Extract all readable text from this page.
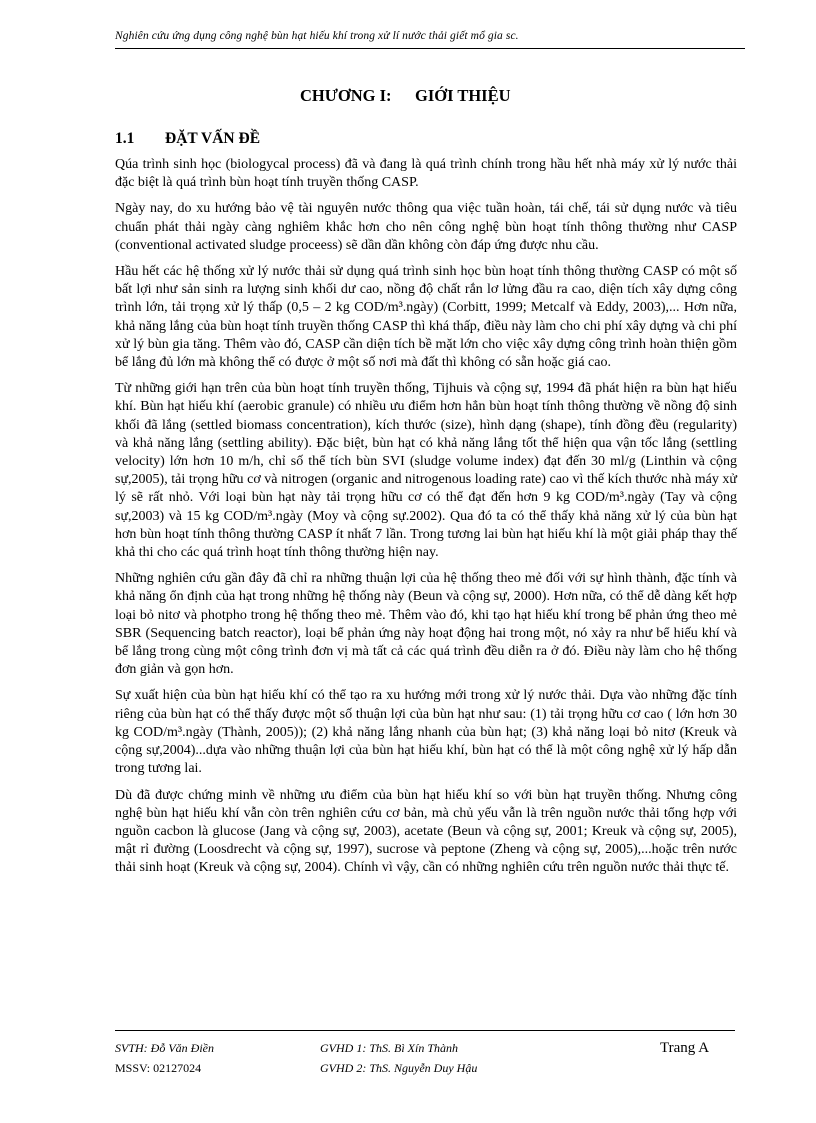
Nghiên cứu ứng dụng công nghệ bùn hạt hiếu khí trong xử lí nước thải giết mổ gia sc.
CHƯƠNG I: GIỚI THIỆU
1.1 ĐẶT VẤN ĐỀ

Qúa trình sinh học (biologycal process) đã và đang là quá trình chính trong hầu hết nhà máy xử lý nước thải đặc biệt là quá trình bùn hoạt tính truyền thống CASP.

Ngày nay, do xu hướng bảo vệ tài nguyên nước thông qua việc tuần hoàn, tái chế, tái sử dụng nước và tiêu chuẩn phát thải ngày càng nghiêm khắc hơn cho nên công nghệ bùn hoạt tính thông thường như CASP (conventional activated sludge proceess) sẽ dần dần không còn đáp ứng được nhu cầu.

Hầu hết các hệ thống xử lý nước thải sử dụng quá trình sinh học bùn hoạt tính thông thường CASP có một số bất lợi như sản sinh ra lượng sinh khối dư cao, nồng độ chất rắn lơ lửng đầu ra cao, diện tích xây dựng công trình lớn, tải trọng xử lý thấp (0,5 – 2 kg COD/m³.ngày) (Corbitt, 1999; Metcalf và Eddy, 2003),... Hơn nữa, khả năng lắng của bùn hoạt tính truyền thống CASP thì khá thấp, điều này làm cho chi phí xây dựng và chi phí xử lý bùn gia tăng. Thêm vào đó, CASP cần diện tích bề mặt lớn cho việc xây dựng công trình hoàn thiện gồm bể lắng đủ lớn mà không thể có được ở một số nơi mà đất thì không có sẵn hoặc giá cao.

Từ những giới hạn trên của bùn hoạt tính truyền thống, Tijhuis và cộng sự, 1994 đã phát hiện ra bùn hạt hiếu khí. Bùn hạt hiếu khí (aerobic granule) có nhiều ưu điểm hơn hẳn bùn hoạt tính thông thường về nồng độ sinh khối đã lắng (settled biomass concentration), kích thước (size), hình dạng (shape), tính đồng đều (regularity) và khả năng lắng (settling ability). Đặc biệt, bùn hạt có khả năng lắng tốt thể hiện qua vận tốc lắng (settling velocity) lớn hơn 10 m/h, chỉ số thể tích bùn SVI (sludge volume index) đạt đến 30 ml/g (Linthin và cộng sự,2005), tải trọng hữu cơ và nitrogen (organic and nitrogenous loading rate) cao vì thế kích thước nhà máy xử lý sẽ rất nhỏ. Với loại bùn hạt này tải trọng hữu cơ có thể đạt đến hơn 9 kg COD/m³.ngày (Tay và cộng sự,2003) và 15 kg COD/m³.ngày (Moy và cộng sự.2002). Qua đó ta có thể thấy khả năng xử lý của bùn hạt hơn bùn hoạt tính thông thường CASP ít nhất 7 lần. Trong tương lai bùn hạt hiếu khí là một giải pháp thay thế khả thi cho các quá trình hoạt tính thông thường hiện nay.

Những nghiên cứu gần đây đã chỉ ra những thuận lợi của hệ thống theo mẻ đối với sự hình thành, đặc tính và khả năng ổn định của hạt trong những hệ thống này (Beun và cộng sự, 2000). Hơn nữa, có thể dễ dàng kết hợp loại bỏ nitơ và photpho trong hệ thống theo mẻ. Thêm vào đó, khi tạo hạt hiếu khí trong bể phản ứng theo mẻ SBR (Sequencing batch reactor), loại bể phản ứng này hoạt động hai trong một, nó xảy ra như bể hiếu khí và bể lắng trong cùng một công trình đơn vị mà tất cả các quá trình đều diễn ra ở đó. Điều này làm cho hệ thống đơn giản và gọn hơn.

Sự xuất hiện của bùn hạt hiếu khí có thể tạo ra xu hướng mới trong xử lý nước thải. Dựa vào những đặc tính riêng của bùn hạt có thể thấy được một số thuận lợi của bùn hạt như sau: (1) tải trọng hữu cơ cao ( lớn hơn 30 kg COD/m³.ngày (Thành, 2005)); (2) khả năng lắng nhanh của bùn hạt; (3) khả năng loại bỏ nitơ (Kreuk và cộng sự,2004)...dựa vào những thuận lợi của bùn hạt hiếu khí, bùn hạt có thể là một công nghệ xử lý hấp dẫn trong tương lai.

Dù đã được chứng minh về những ưu điểm của bùn hạt hiếu khí so với bùn hạt truyền thống. Nhưng công nghệ bùn hạt hiếu khí vẫn còn trên nghiên cứu cơ bản, mà chủ yếu vẫn là trên nguồn nước thải tổng hợp với nguồn cacbon là glucose (Jang và cộng sự, 2003), acetate (Beun và cộng sự, 2001; Kreuk và cộng sự, 2005), mật rỉ đường (Loosdrecht và cộng sự, 1997), sucrose và peptone (Zheng và cộng sự, 2005),...hoặc trên nước thải sinh hoạt (Kreuk và cộng sự, 2004). Chính vì vậy, cần có những nghiên cứu trên nguồn nước thải thực tế.

SVTH: Đỗ Văn Điền	GVHD 1: ThS. Bì Xín Thành	Trang A
MSSV: 02127024	GVHD 2: ThS. Nguyễn Duy Hậu
